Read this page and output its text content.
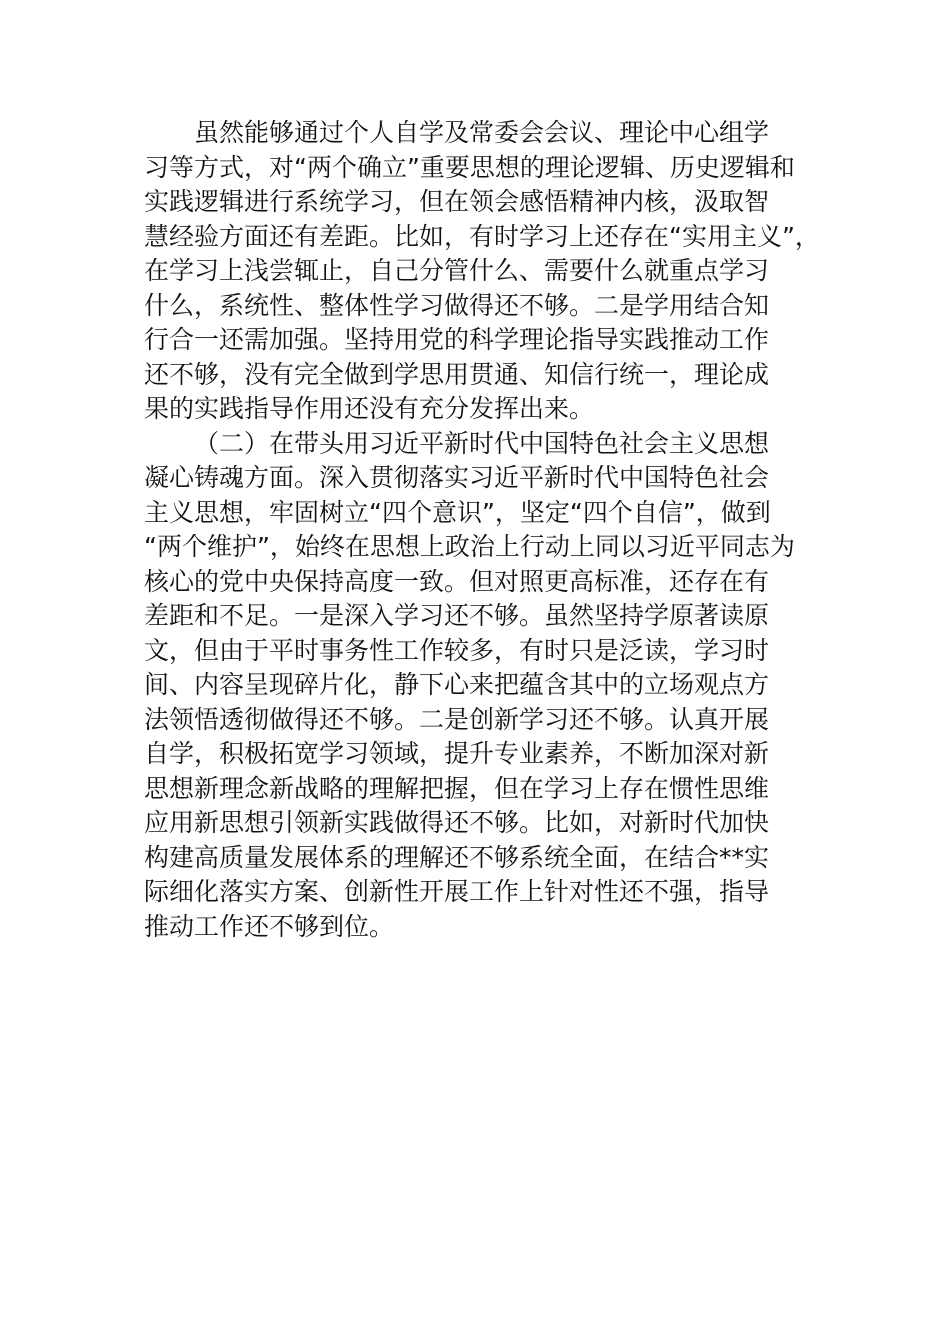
虽然能够通过个人自学及常委会会议、理论中心组学
习等方式，对“两个确立”重要思想的理论逻辑、历史逻辑和
实践逻辑进行系统学习，但在领会感悟精神内核，汲取智
慧经验方面还有差距。比如，有时学习上还存在“实用主义”，
在学习上浅尝辄止，自己分管什么、需要什么就重点学习
什么，系统性、整体性学习做得还不够。二是学用结合知
行合一还需加强。坚持用党的科学理论指导实践推动工作
还不够，没有完全做到学思用贯通、知信行统一，理论成
果的实践指导作用还没有充分发挥出来。
（二）在带头用习近平新时代中国特色社会主义思想
凝心铸魂方面。深入贯彻落实习近平新时代中国特色社会
主义思想，牢固树立“四个意识”，坚定“四个自信”，做到
“两个维护”，始终在思想上政治上行动上同以习近平同志为
核心的党中央保持高度一致。但对照更高标准，还存在有
差距和不足。一是深入学习还不够。虽然坚持学原著读原
文，但由于平时事务性工作较多，有时只是泛读，学习时
间、内容呈现碎片化，静下心来把蕴含其中的立场观点方
法领悟透彻做得还不够。二是创新学习还不够。认真开展
自学，积极拓宽学习领域，提升专业素养，不断加深对新
思想新理念新战略的理解把握，但在学习上存在惯性思维
应用新思想引领新实践做得还不够。比如，对新时代加快
构建高质量发展体系的理解还不够系统全面，在结合**实
际细化落实方案、创新性开展工作上针对性还不强，指导
推动工作还不够到位。
